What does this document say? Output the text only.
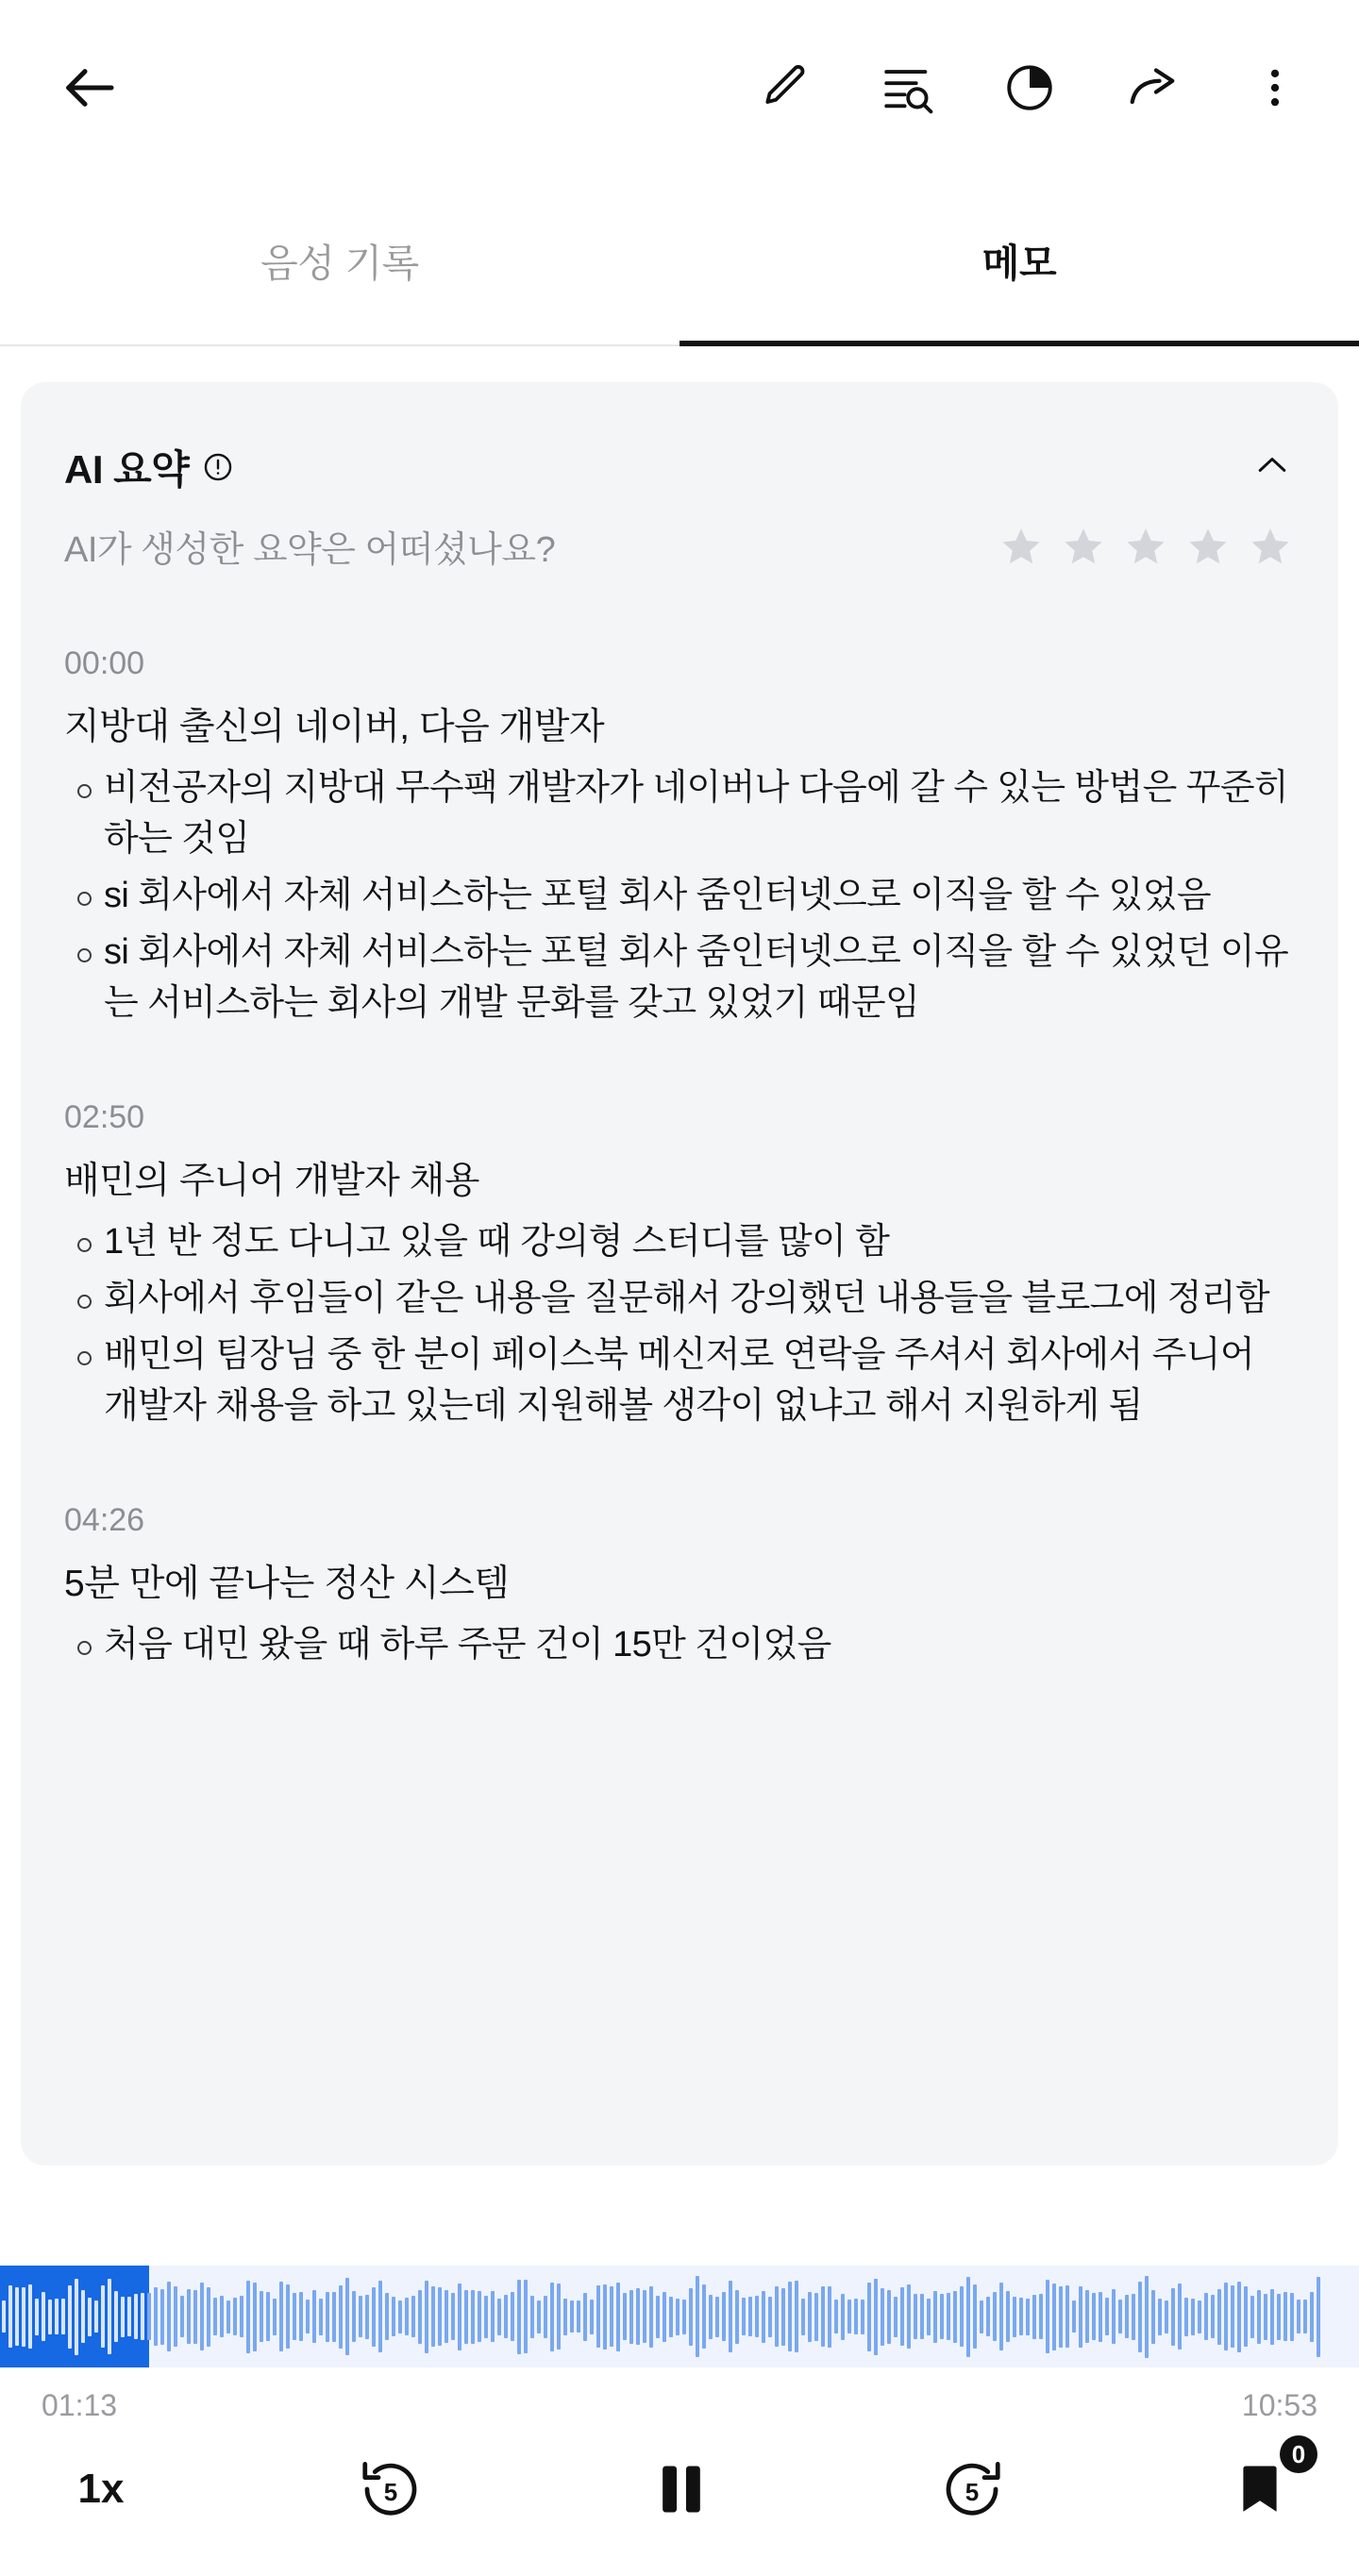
음성 기록	메모
AI 요약
AI가 생성한 요약은 어떠셨나요?
00:00
지방대 출신의 네이버, 다음 개발자
비전공자의 지방대 무수팩 개발자가 네이버나 다음에 갈 수 있는 방법은 꾸준히 하는 것임
si 회사에서 자체 서비스하는 포털 회사 줌인터넷으로 이직을 할 수 있었음
si 회사에서 자체 서비스하는 포털 회사 줌인터넷으로 이직을 할 수 있었던 이유는 서비스하는 회사의 개발 문화를 갖고 있었기 때문임
02:50
배민의 주니어 개발자 채용
1년 반 정도 다니고 있을 때 강의형 스터디를 많이 함
회사에서 후임들이 같은 내용을 질문해서 강의했던 내용들을 블로그에 정리함
배민의 팀장님 중 한 분이 페이스북 메신저로 연락을 주셔서 회사에서 주니어 개발자 채용을 하고 있는데 지원해볼 생각이 없냐고 해서 지원하게 됨
04:26
5분 만에 끝나는 정산 시스템
처음 대민 왔을 때 하루 주문 건이 15만 건이었음
01:13	10:53
1x	5	5
0
